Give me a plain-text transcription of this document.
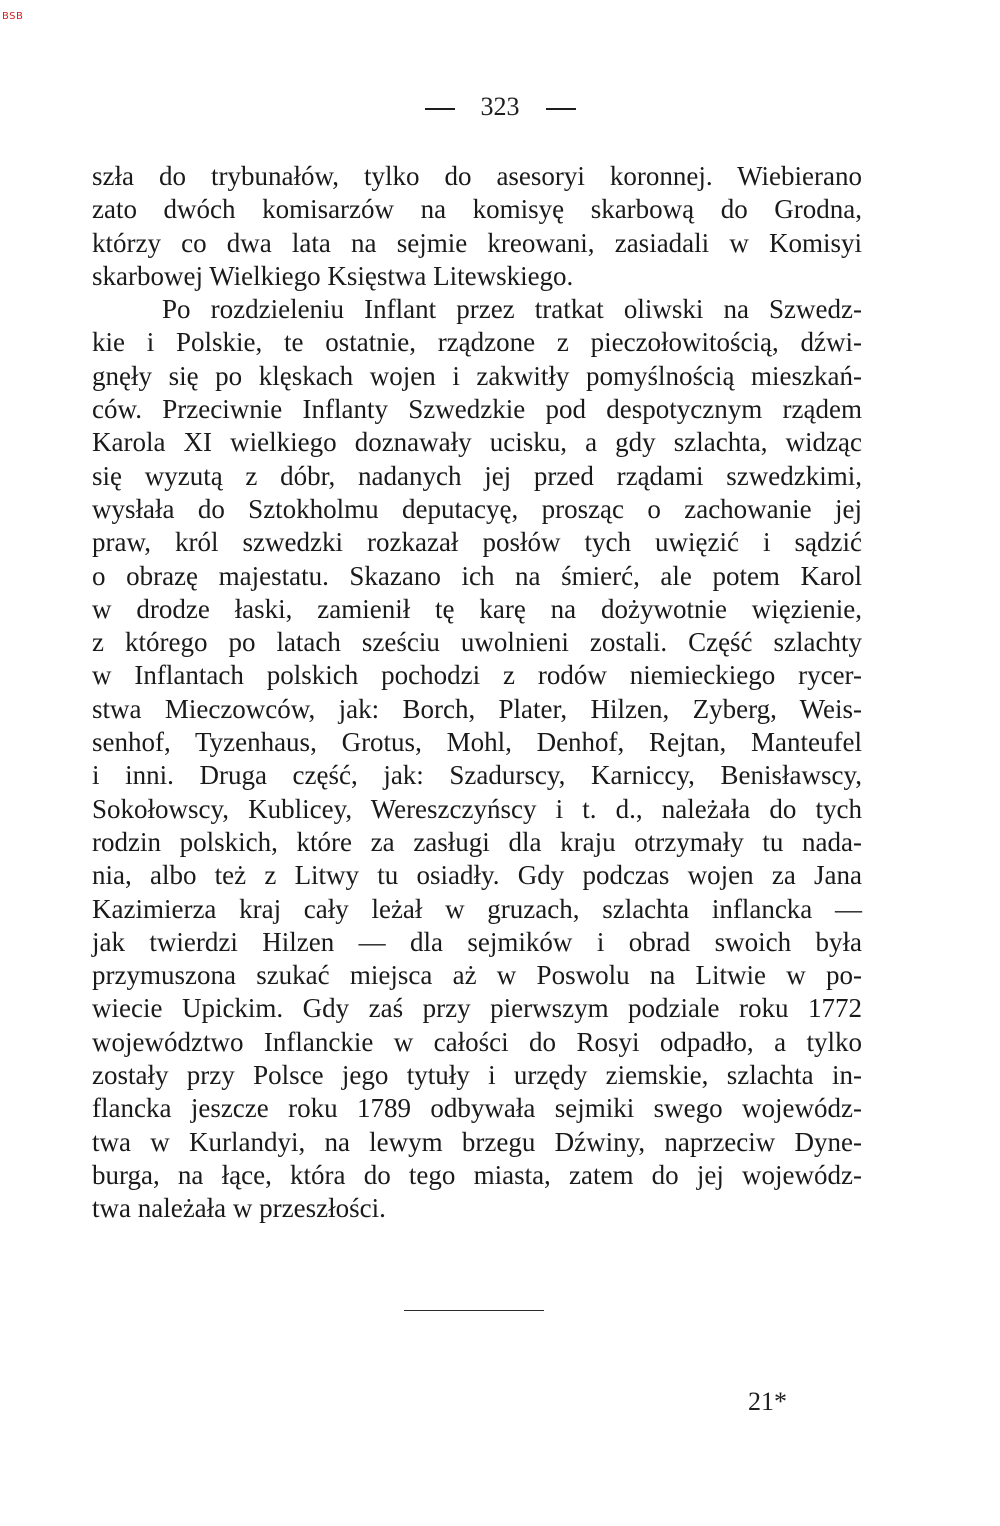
BSB
323
szła do trybunałów, tylko do asesoryi koronnej. Wiebierano
zato dwóch komisarzów na komisyę skarbową do Grodna,
którzy co dwa lata na sejmie kreowani, zasiadali w Komisyi
skarbowej Wielkiego Księstwa Litewskiego.
Po rozdzieleniu Inflant przez tratkat oliwski na Szwedz-
kie i Polskie, te ostatnie, rządzone z pieczołowitością, dźwi-
gnęły się po klęskach wojen i zakwitły pomyślnością mieszkań-
ców. Przeciwnie Inflanty Szwedzkie pod despotycznym rządem
Karola XI wielkiego doznawały ucisku, a gdy szlachta, widząc
się wyzutą z dóbr, nadanych jej przed rządami szwedzkimi,
wysłała do Sztokholmu deputacyę, prosząc o zachowanie jej
praw, król szwedzki rozkazał posłów tych uwięzić i sądzić
o obrazę majestatu. Skazano ich na śmierć, ale potem Karol
w drodze łaski, zamienił tę karę na dożywotnie więzienie,
z którego po latach sześciu uwolnieni zostali. Część szlachty
w Inflantach polskich pochodzi z rodów niemieckiego rycer-
stwa Mieczowców, jak: Borch, Plater, Hilzen, Zyberg, Weis-
senhof, Tyzenhaus, Grotus, Mohl, Denhof, Rejtan, Manteufel
i inni. Druga część, jak: Szadurscy, Karniccy, Benisławscy,
Sokołowscy, Kublicey, Wereszczyńscy i t. d., należała do tych
rodzin polskich, które za zasługi dla kraju otrzymały tu nada-
nia, albo też z Litwy tu osiadły. Gdy podczas wojen za Jana
Kazimierza kraj cały leżał w gruzach, szlachta inflancka —
jak twierdzi Hilzen — dla sejmików i obrad swoich była
przymuszona szukać miejsca aż w Poswolu na Litwie w po-
wiecie Upickim. Gdy zaś przy pierwszym podziale roku 1772
województwo Inflanckie w całości do Rosyi odpadło, a tylko
zostały przy Polsce jego tytuły i urzędy ziemskie, szlachta in-
flancka jeszcze roku 1789 odbywała sejmiki swego wojewódz-
twa w Kurlandyi, na lewym brzegu Dźwiny, naprzeciw Dyne-
burga, na łące, która do tego miasta, zatem do jej wojewódz-
twa należała w przeszłości.
21*
